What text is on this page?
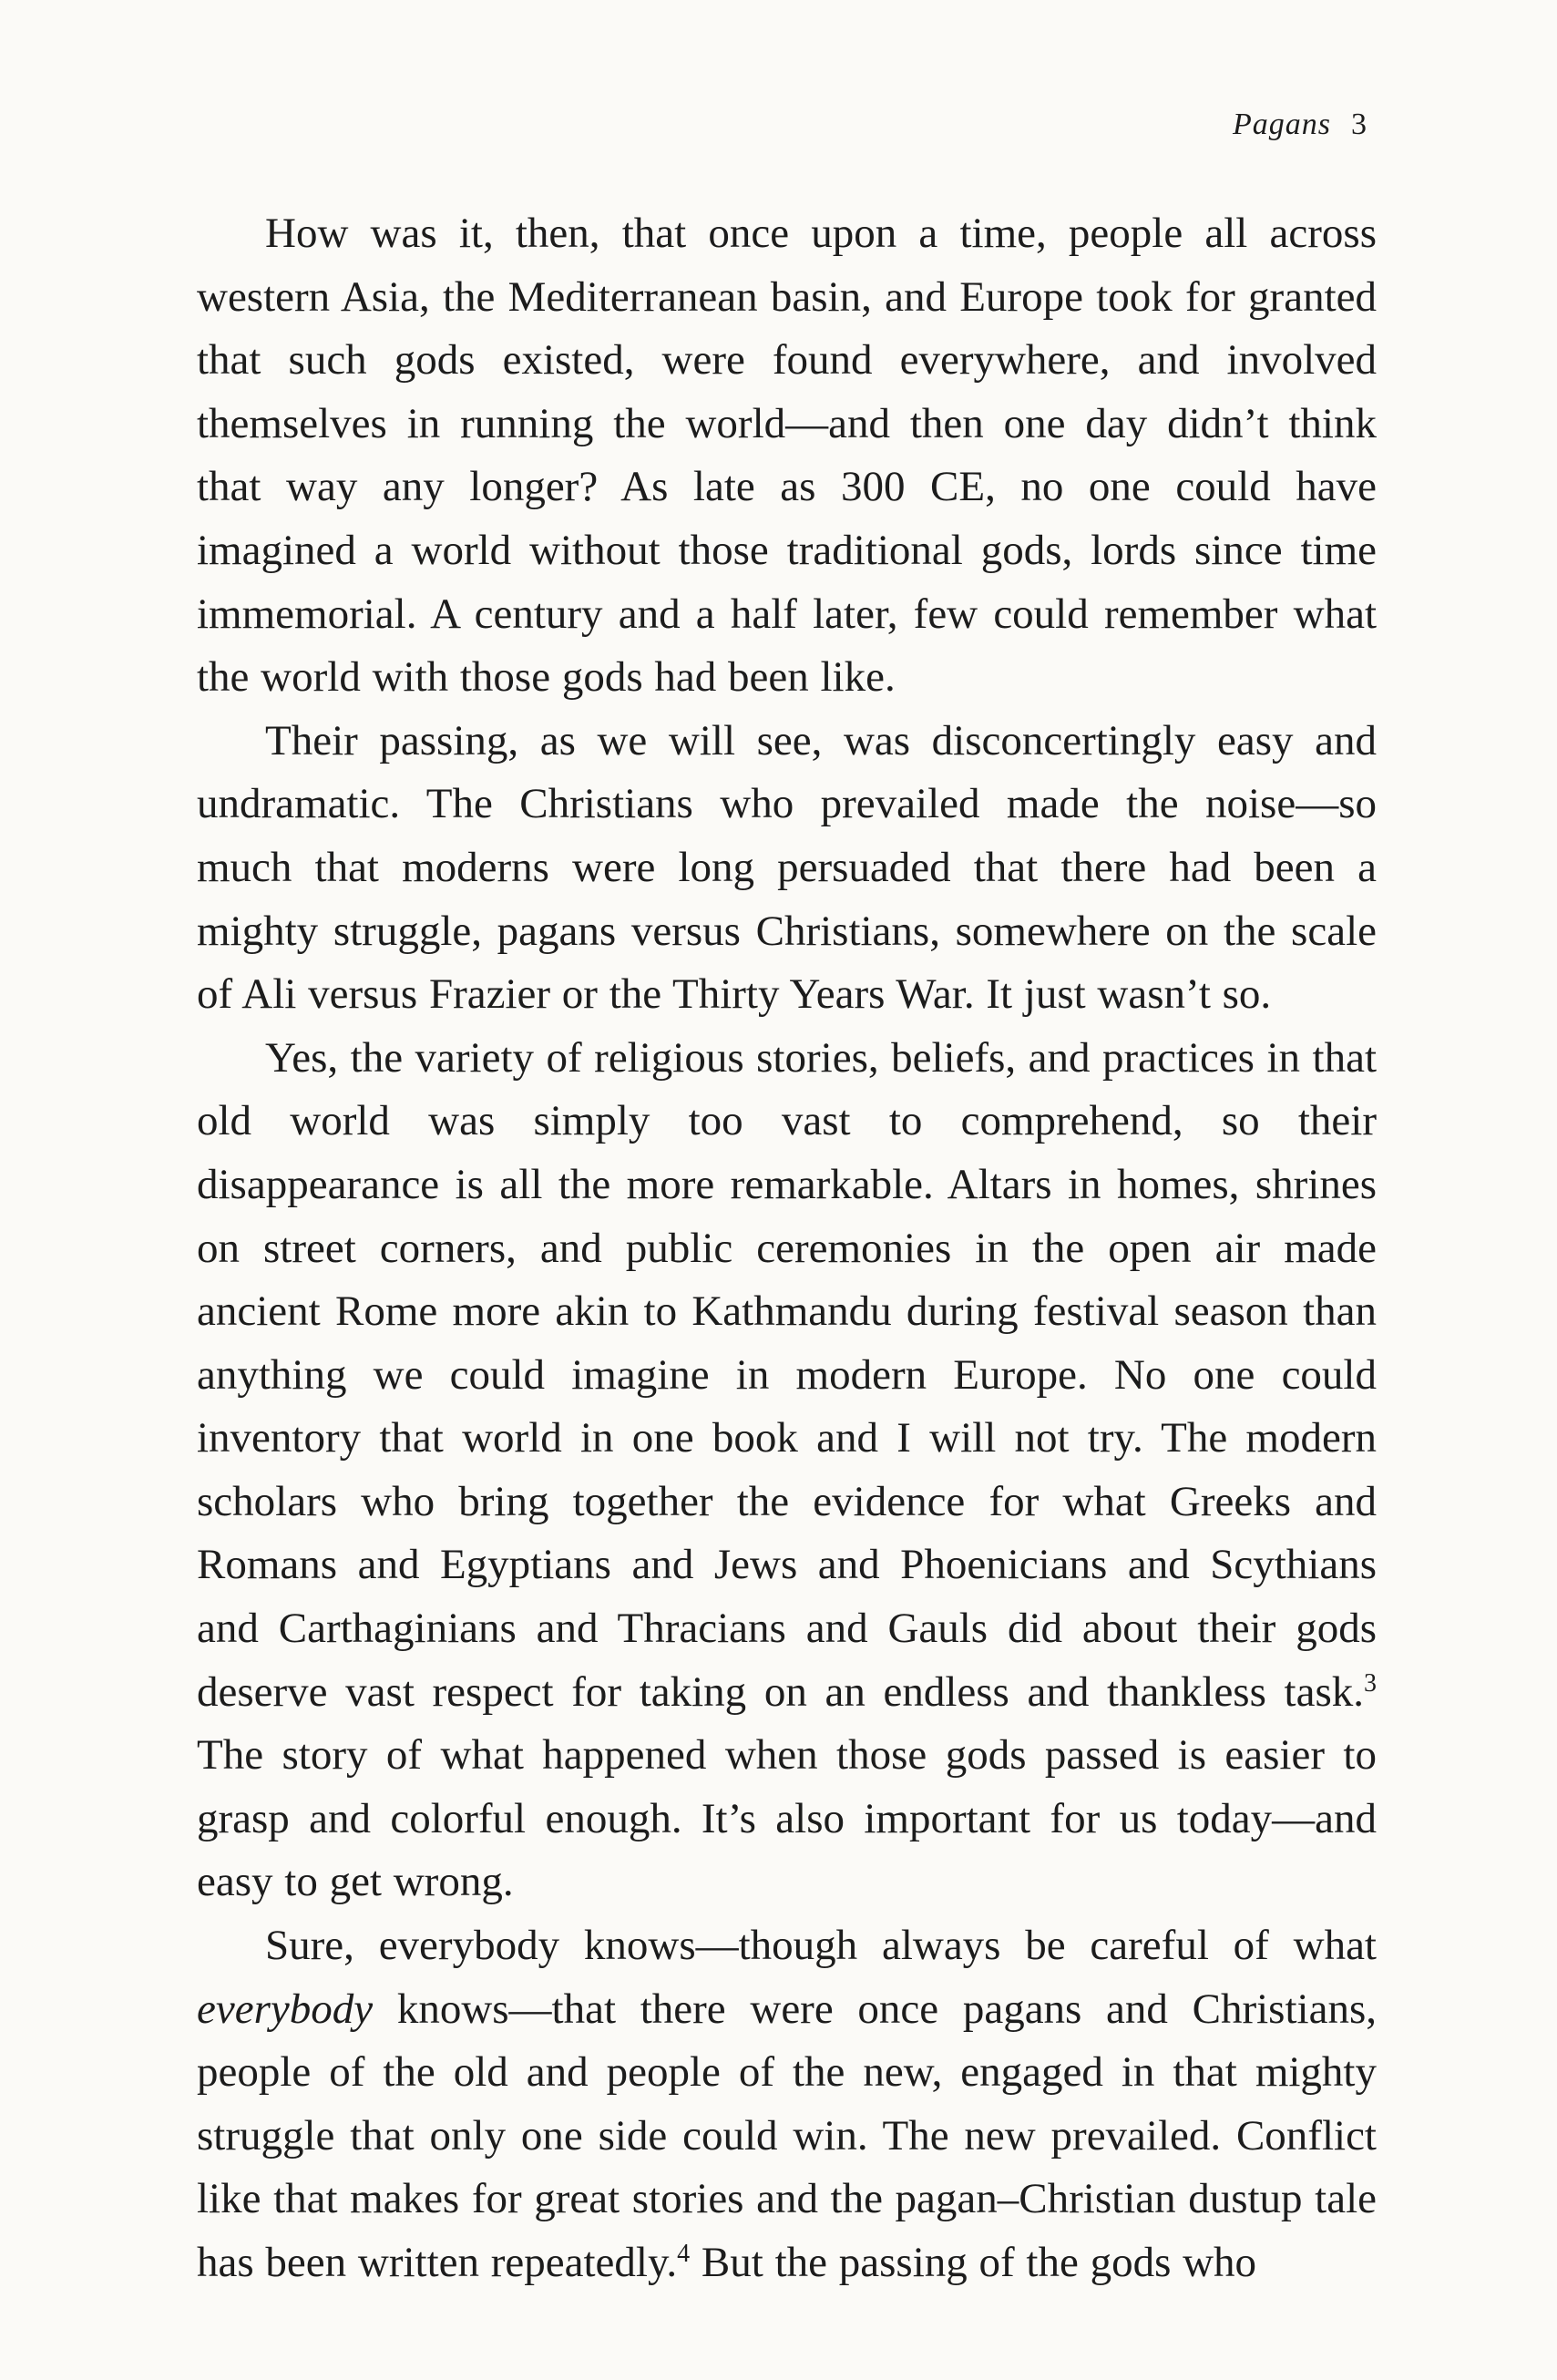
Pagans 3

How was it, then, that once upon a time, people all across western Asia, the Mediterranean basin, and Europe took for granted that such gods existed, were found everywhere, and involved themselves in running the world—and then one day didn’t think that way any longer? As late as 300 CE, no one could have imagined a world without those traditional gods, lords since time immemorial. A century and a half later, few could remember what the world with those gods had been like.

Their passing, as we will see, was disconcertingly easy and undramatic. The Christians who prevailed made the noise—so much that moderns were long persuaded that there had been a mighty struggle, pagans versus Christians, somewhere on the scale of Ali versus Frazier or the Thirty Years War. It just wasn’t so.

Yes, the variety of religious stories, beliefs, and practices in that old world was simply too vast to comprehend, so their disappearance is all the more remarkable. Altars in homes, shrines on street corners, and public ceremonies in the open air made ancient Rome more akin to Kathmandu during festival season than anything we could imagine in modern Europe. No one could inventory that world in one book and I will not try. The modern scholars who bring together the evidence for what Greeks and Romans and Egyptians and Jews and Phoenicians and Scythians and Carthaginians and Thracians and Gauls did about their gods deserve vast respect for taking on an endless and thankless task.$^3$ The story of what happened when those gods passed is easier to grasp and colorful enough. It’s also important for us today—and easy to get wrong.

Sure, everybody knows—though always be careful of what everybody knows—that there were once pagans and Christians, people of the old and people of the new, engaged in that mighty struggle that only one side could win. The new prevailed. Conflict like that makes for great stories and the pagan–Christian dustup tale has been written repeatedly.$^4$ But the passing of the gods who
